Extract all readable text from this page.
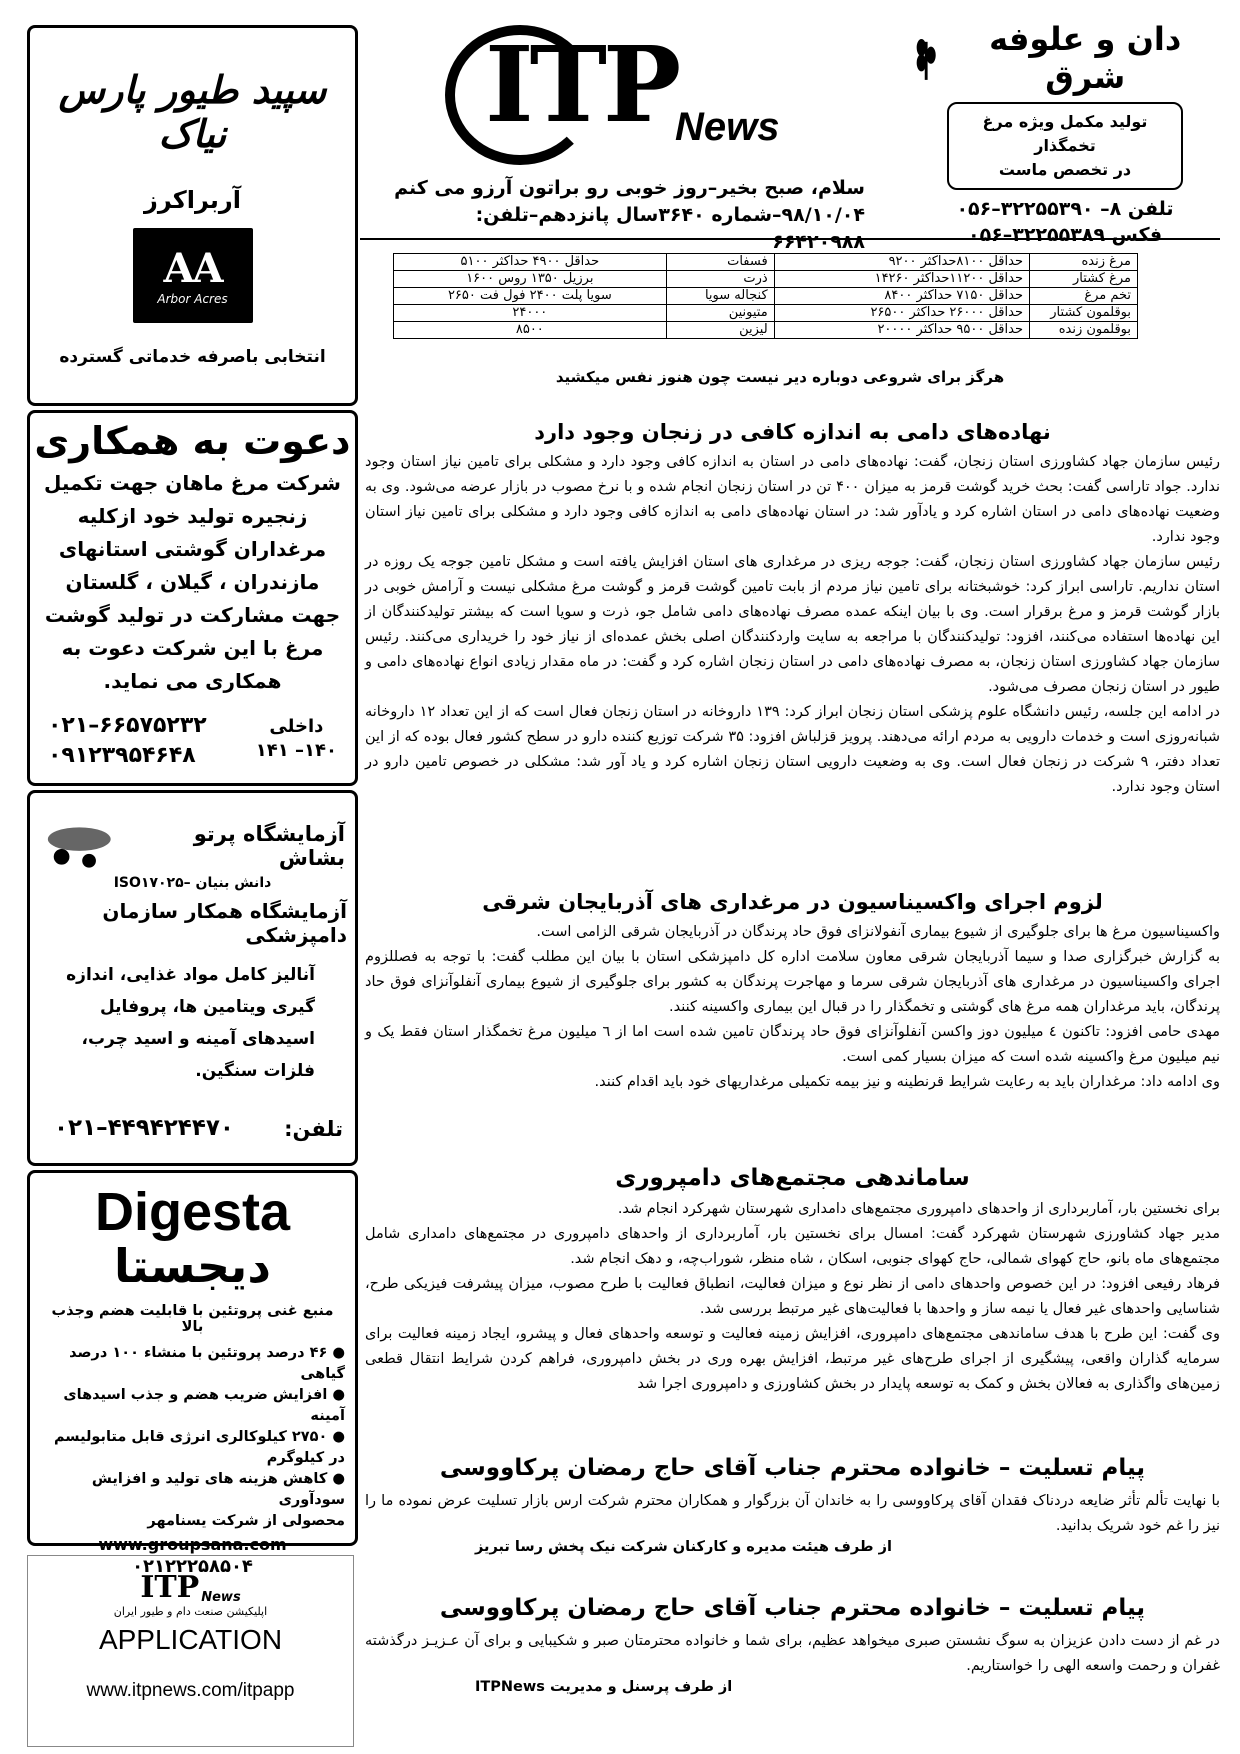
ITP
News
سلام، صبح بخیر–روز خوبی رو براتون آرزو می کنم
۹۸/۱۰/۰۴–شماره ۳۶۴۰سال پانزدهم–تلفن: ۶۶۴۲۰۹۸۸
دان و علوفه شرق
تولید مکمل ویژه مرغ تخمگذار
در تخصص ماست
تلفن ۸– ۳۲۲۵۵۳۹۰–۰۵۶
فکس ۳۲۲۵۵۳۸۹–۰۵۶
مرغ زنده	حداقل ۸۱۰۰حداکثر ۹۲۰۰	فسفات	حداقل ۴۹۰۰ حداکثر ۵۱۰۰
مرغ کشتار	حداقل ۱۱۲۰۰حداکثر ۱۴۲۶۰	ذرت	برزیل ۱۳۵۰ روس ۱۶۰۰
تخم مرغ	حداقل ۷۱۵۰ حداکثر ۸۴۰۰	کنجاله سویا	سویا پلت ۲۴۰۰ فول فت ۲۶۵۰
بوقلمون کشتار	حداقل ۲۶۰۰۰ حداکثر ۲۶۵۰۰	متیونین	۲۴۰۰۰
بوقلمون زنده	حداقل ۹۵۰۰ حداکثر ۲۰۰۰۰	لیزین	۸۵۰۰
هرگز برای شروعی دوباره دیر نیست چون هنوز نفس میکشید
نهاده‌های دامی به اندازه کافی در زنجان وجود دارد
رئیس سازمان جهاد کشاورزی استان زنجان، گفت: نهاده‌های دامی در استان به اندازه کافی وجود دارد و مشکلی برای تامین نیاز استان وجود ندارد. جواد تاراسی گفت: بحث خرید گوشت قرمز به میزان ۴۰۰ تن در استان زنجان انجام شده و با نرخ مصوب در بازار عرضه می‌شود. وی به وضعیت نهاده‌های دامی در استان اشاره کرد و یادآور شد: در استان نهاده‌های دامی به اندازه کافی وجود دارد و مشکلی برای تامین نیاز استان وجود ندارد.
رئیس سازمان جهاد کشاورزی استان زنجان، گفت: جوجه ریزی در مرغداری های استان افزایش یافته است و مشکل تامین جوجه یک روزه در استان نداریم. تاراسی ابراز کرد: خوشبختانه برای تامین نیاز مردم از بابت تامین گوشت قرمز و گوشت مرغ مشکلی نیست و آرامش خوبی در بازار گوشت قرمز و مرغ برقرار است. وی با بیان اینکه عمده مصرف نهاده‌های دامی شامل جو، ذرت و سویا است که بیشتر تولیدکنندگان از این نهاده‌ها استفاده می‌کنند، افزود: تولیدکنندگان با مراجعه به سایت واردکنندگان اصلی بخش عمده‌ای از نیاز خود را خریداری می‌کنند. رئیس سازمان جهاد کشاورزی استان زنجان، به مصرف نهاده‌های دامی در استان زنجان اشاره کرد و گفت: در ماه مقدار زیادی انواع نهاده‌های دامی و طیور در استان زنجان مصرف می‌شود.
در ادامه این جلسه، رئیس دانشگاه علوم پزشکی استان زنجان ابراز کرد: ۱۳۹ داروخانه در استان زنجان فعال است که از این تعداد ۱۲ داروخانه شبانه‌روزی است و خدمات دارویی به مردم ارائه می‌دهند. پرویز قزلباش افزود: ۳۵ شرکت توزیع کننده دارو در سطح کشور فعال بوده که از این تعداد دفتر، ۹ شرکت در زنجان فعال است. وی به وضعیت دارویی استان زنجان اشاره کرد و یاد آور شد: مشکلی در خصوص تامین دارو در استان وجود ندارد.
لزوم اجرای واکسیناسیون در مرغداری های آذربایجان شرقی
واکسیناسیون مرغ ها برای جلوگیری از شیوع بیماری آنفولانزای فوق حاد پرندگان در آذربایجان شرقی الزامی است.
به گزارش خبرگزاری صدا و سیما آذربایجان شرقی معاون سلامت اداره کل دامپزشکی استان با بیان این مطلب گفت: با توجه به فصللزوم اجرای واکسیناسیون در مرغداری های آذربایجان شرقی سرما و مهاجرت پرندگان به کشور برای جلوگیری از شیوع بیماری آنفلوآنزای فوق حاد پرندگان، باید مرغداران همه مرغ های گوشتی و تخمگذار را در قبال این بیماری واکسینه کنند.
مهدی حامی افزود: تاکنون ٤ میلیون دوز واکسن آنفلوآنزای فوق حاد پرندگان تامین شده است اما از ٦ میلیون مرغ تخمگذار استان فقط یک و نیم میلیون مرغ واکسینه شده است که میزان بسیار کمی است.
وی ادامه داد: مرغداران باید به رعایت شرایط قرنطینه و نیز بیمه تکمیلی مرغداریهای خود باید اقدام کنند.
ساماندهی مجتمع‌های دامپروری
برای نخستین بار، آماربرداری از واحدهای دامپروری مجتمع‌های دامداری شهرستان شهرکرد انجام شد.
مدیر جهاد کشاورزی شهرستان شهرکرد گفت: امسال برای نخستین بار، آماربرداری از واحدهای دامپروری در مجتمع‌های دامداری شامل مجتمع‌های ماه بانو، حاج کهوای شمالی، حاج کهوای جنوبی، اسکان ، شاه منظر، شوراب‌چه، و دهک انجام شد.
فرهاد رفیعی افزود: در این خصوص واحدهای دامی از نظر نوع و میزان فعالیت، انطباق فعالیت با طرح مصوب، میزان پیشرفت فیزیکی طرح، شناسایی واحدهای غیر فعال یا نیمه ساز و واحدها با فعالیت‌های غیر مرتبط بررسی شد.
وی گفت: این طرح با هدف ساماندهی مجتمع‌های دامپروری، افزایش زمینه فعالیت و توسعه واحدهای فعال و پیشرو، ایجاد زمینه فعالیت برای سرمایه گذاران واقعی، پیشگیری از اجرای طرح‌های غیر مرتبط، افزایش بهره وری در بخش دامپروری، فراهم کردن شرایط انتقال قطعی زمین‌های واگذاری به فعالان بخش و کمک به توسعه پایدار در بخش کشاورزی و دامپروری اجرا شد
پیام تسلیت – خانواده محترم جناب آقای حاج رمضان پرکاووسی
با نهایت تألم تأثر ضایعه دردناک فقدان آقای پرکاووسی را به خاندان آن بزرگوار و همکاران محترم شرکت ارس بازار تسلیت عرض نموده ما را نیز را غم خود شریک بدانید.
از طرف هیئت مدیره و کارکنان شرکت نیک پخش رسا تبریز
پیام تسلیت – خانواده محترم جناب آقای حاج رمضان پرکاووسی
در غم از دست دادن عزیزان به سوگ نشستن صبری میخواهد عظیم، برای شما و خانواده محترمتان صبر و شکیبایی و برای آن عـزیـز درگذشته غفران و رحمت واسعه الهی را خواستاریم.
از طرف پرسنل و مدیریت ITPNews
سپید طیور پارس نیاک
آربراکرز
AA
Arbor Acres
انتخابی باصرفه خدماتی گسترده
دعوت به همکاری
شرکت مرغ ماهان جهت تکمیل زنجیره تولید خود ازکلیه مرغداران گوشتی استانهای مازندران ، گیلان ، گلستان جهت مشارکت در تولید گوشت مرغ با این شرکت دعوت به همکاری می نماید.
۰۲۱–۶۶۵۷۵۲۳۲
۰۹۱۲۳۹۵۴۶۴۸
داخلی
۱۴۰– ۱۴۱
آزمایشگاه پرتو بشاش
دانش بنیان –ISO۱۷۰۲۵
آزمایشگاه همکار سازمان دامپزشکی
آنالیز کامل مواد غذایی، اندازه گیری ویتامین ها، پروفایل اسیدهای آمینه و اسید چرب، فلزات سنگین.
تلفن:
۰۲۱–۴۴۹۴۲۴۴۷۰
Digesta
دیجستا
منبع غنی پروتئین با قابلیت هضم وجذب بالا
● ۴۶ درصد پروتئین با منشاء ۱۰۰ درصد گیاهی
● افزایش ضریب هضم و جذب اسیدهای آمینه
● ۲۷۵۰ کیلوکالری انرژی قابل متابولیسم در کیلوگرم
● کاهش هزینه های تولید و افزایش سودآوری
محصولی از شرکت یسنامهر
www.groupsana.com
۰۲۱۲۲۲۵۸۵۰۴
ITP News
اپلیکیشن صنعت دام و طیور ایران
APPLICATION
www.itpnews.com/itpapp
